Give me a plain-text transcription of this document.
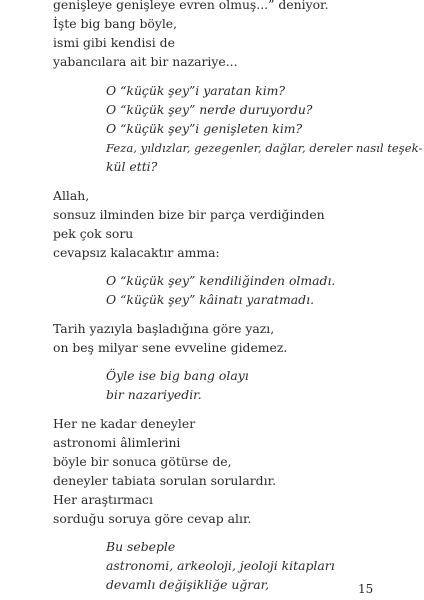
genişleye genişleye evren olmuş...” deniyor.
İşte big bang böyle,
ismi gibi kendisi de
yabancılara ait bir nazariye...
O “küçük şey”i yaratan kim?
O “küçük şey” nerde duruyordu?
O “küçük şey”i genişleten kim?
Feza, yıldızlar, gezegenler, dağlar, dereler nasıl teşek-
kül etti?
Allah,
sonsuz ilminden bize bir parça verdiğinden
pek çok soru
cevapsız kalacaktır amma:
O “küçük şey” kendiliğinden olmadı.
O “küçük şey” kâinatı yaratmadı.
Tarih yazıyla başladığına göre yazı,
on beş milyar sene evveline gidemez.
Öyle ise big bang olayı
bir nazariyedir.
Her ne kadar deneyler
astronomi âlimlerini
böyle bir sonuca götürse de,
deneyler tabiata sorulan sorulardır.
Her araştırmacı
sorduğu soruya göre cevap alır.
Bu sebeple
astronomi, arkeoloji, jeoloji kitapları
devamlı değişikliğe uğrar,	15
